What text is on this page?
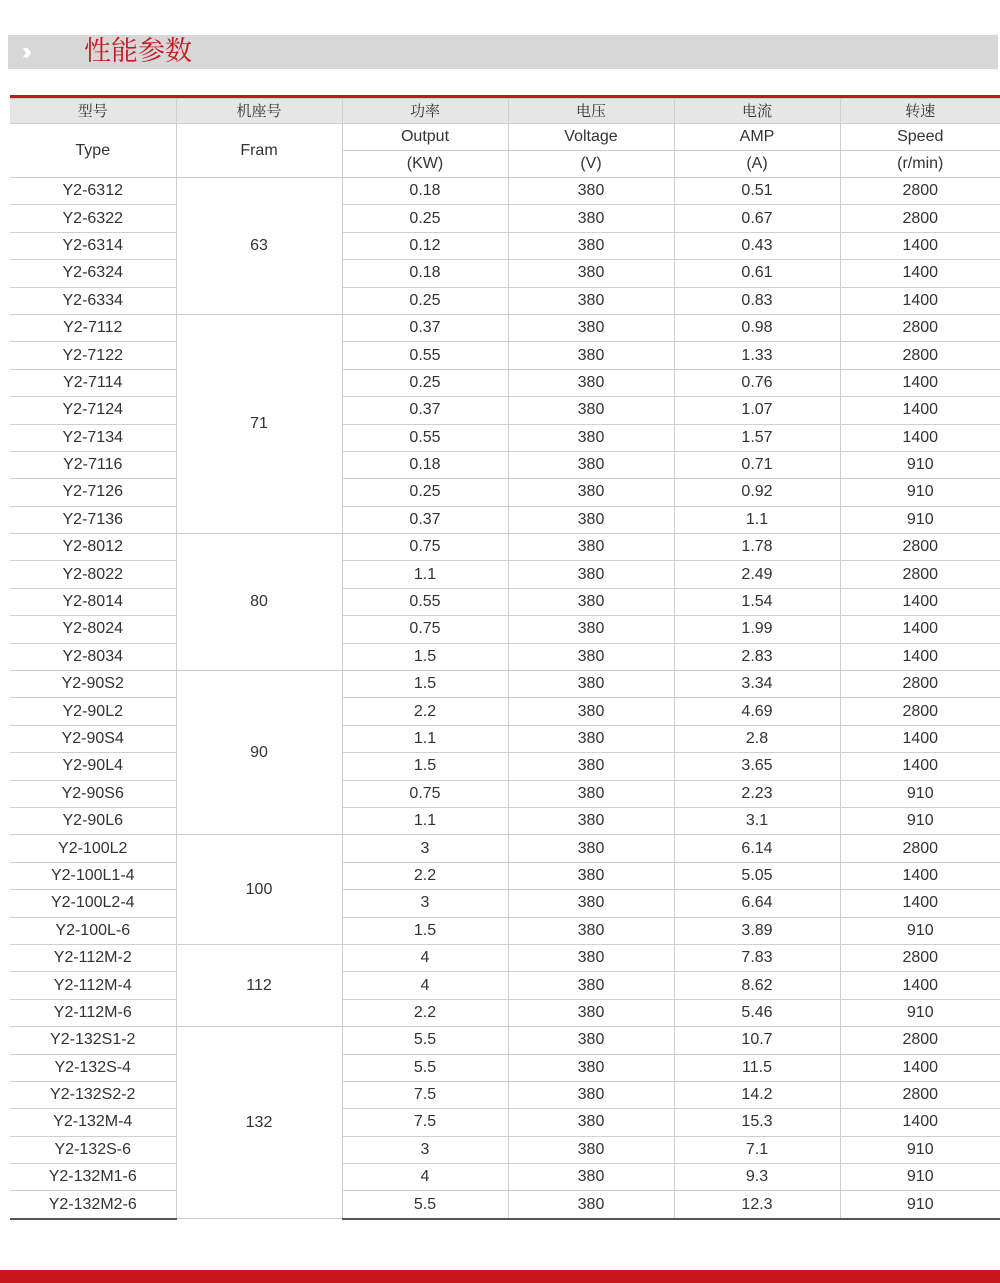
››› 性能参数
型号	机座号	功率	电压	电流	转速
Type	Fram	Output	Voltage	AMP	Speed
		(KW)	(V)	(A)	(r/min)
Y2-6312	63	0.18	380	0.51	2800
Y2-6322		0.25	380	0.67	2800
Y2-6314		0.12	380	0.43	1400
Y2-6324		0.18	380	0.61	1400
Y2-6334		0.25	380	0.83	1400
Y2-7112	71	0.37	380	0.98	2800
Y2-7122		0.55	380	1.33	2800
Y2-7114		0.25	380	0.76	1400
Y2-7124		0.37	380	1.07	1400
Y2-7134		0.55	380	1.57	1400
Y2-7116		0.18	380	0.71	910
Y2-7126		0.25	380	0.92	910
Y2-7136		0.37	380	1.1	910
Y2-8012	80	0.75	380	1.78	2800
Y2-8022		1.1	380	2.49	2800
Y2-8014		0.55	380	1.54	1400
Y2-8024		0.75	380	1.99	1400
Y2-8034		1.5	380	2.83	1400
Y2-90S2	90	1.5	380	3.34	2800
Y2-90L2		2.2	380	4.69	2800
Y2-90S4		1.1	380	2.8	1400
Y2-90L4		1.5	380	3.65	1400
Y2-90S6		0.75	380	2.23	910
Y2-90L6		1.1	380	3.1	910
Y2-100L2	100	3	380	6.14	2800
Y2-100L1-4		2.2	380	5.05	1400
Y2-100L2-4		3	380	6.64	1400
Y2-100L-6		1.5	380	3.89	910
Y2-112M-2	112	4	380	7.83	2800
Y2-112M-4		4	380	8.62	1400
Y2-112M-6		2.2	380	5.46	910
Y2-132S1-2	132	5.5	380	10.7	2800
Y2-132S-4		5.5	380	11.5	1400
Y2-132S2-2		7.5	380	14.2	2800
Y2-132M-4		7.5	380	15.3	1400
Y2-132S-6		3	380	7.1	910
Y2-132M1-6		4	380	9.3	910
Y2-132M2-6		5.5	380	12.3	910
